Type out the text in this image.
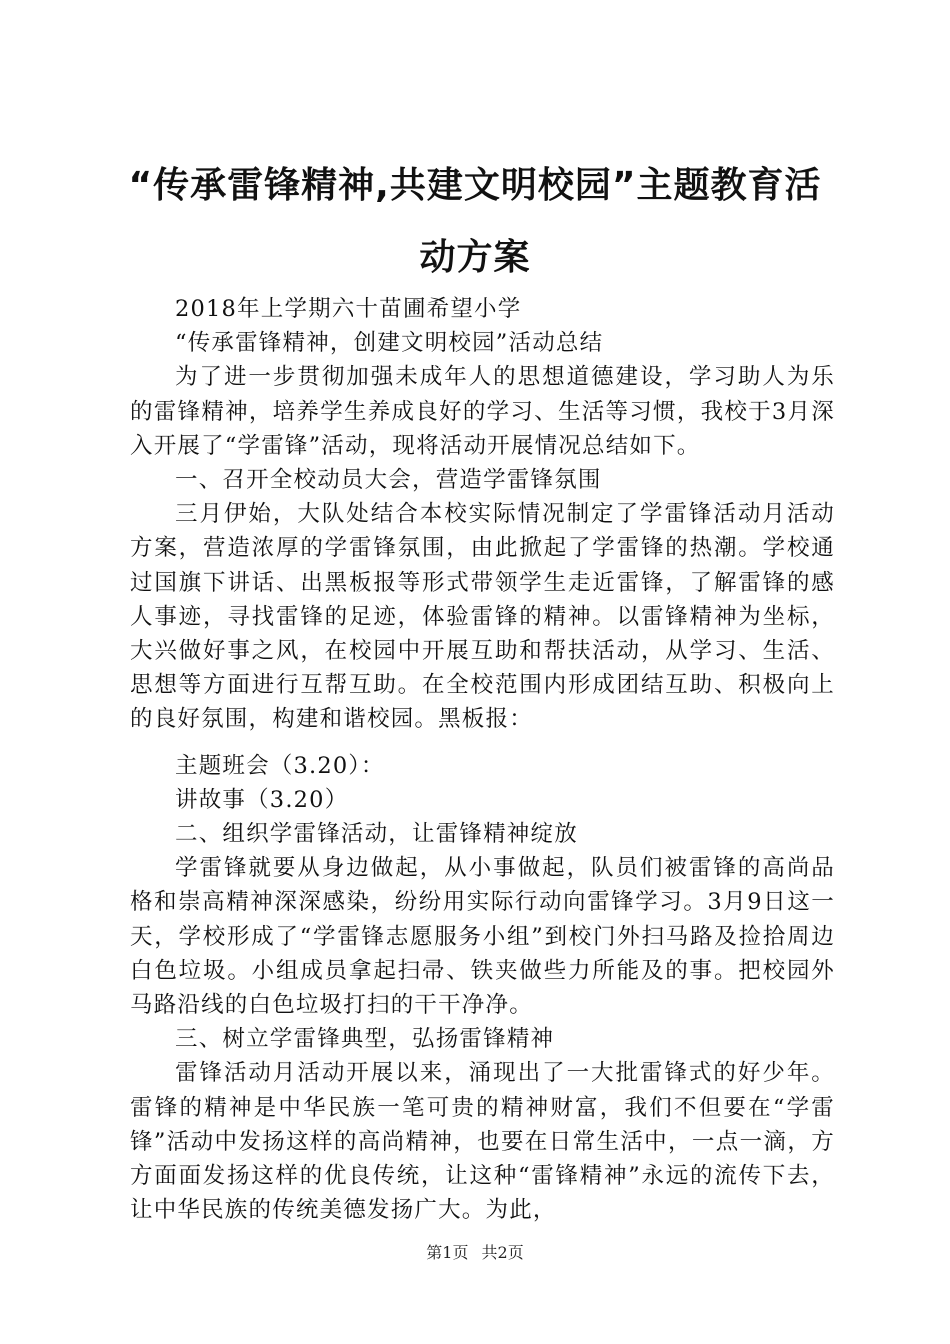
“传承雷锋精神,共建文明校园”主题教育活
动方案

2018年上学期六十苗圃希望小学

“传承雷锋精神，创建文明校园”活动总结

为了进一步贯彻加强未成年人的思想道德建设，学习助人为乐的雷锋精神，培养学生养成良好的学习、生活等习惯，我校于3月深入开展了“学雷锋”活动，现将活动开展情况总结如下。

一、召开全校动员大会，营造学雷锋氛围

三月伊始，大队处结合本校实际情况制定了学雷锋活动月活动方案，营造浓厚的学雷锋氛围，由此掀起了学雷锋的热潮。学校通过国旗下讲话、出黑板报等形式带领学生走近雷锋，了解雷锋的感人事迹，寻找雷锋的足迹，体验雷锋的精神。以雷锋精神为坐标，大兴做好事之风，在校园中开展互助和帮扶活动，从学习、生活、思想等方面进行互帮互助。在全校范围内形成团结互助、积极向上的良好氛围，构建和谐校园。黑板报：

主题班会（3.20）：

讲故事（3.20）

二、组织学雷锋活动，让雷锋精神绽放

学雷锋就要从身边做起，从小事做起，队员们被雷锋的高尚品格和崇高精神深深感染，纷纷用实际行动向雷锋学习。3月9日这一天，学校形成了“学雷锋志愿服务小组”到校门外扫马路及捡拾周边白色垃圾。小组成员拿起扫帚、铁夹做些力所能及的事。把校园外马路沿线的白色垃圾打扫的干干净净。

三、树立学雷锋典型，弘扬雷锋精神

雷锋活动月活动开展以来，涌现出了一大批雷锋式的好少年。雷锋的精神是中华民族一笔可贵的精神财富，我们不但要在“学雷锋”活动中发扬这样的高尚精神，也要在日常生活中，一点一滴，方方面面发扬这样的优良传统，让这种“雷锋精神”永远的流传下去，让中华民族的传统美德发扬广大。为此，

第1页 共2页
